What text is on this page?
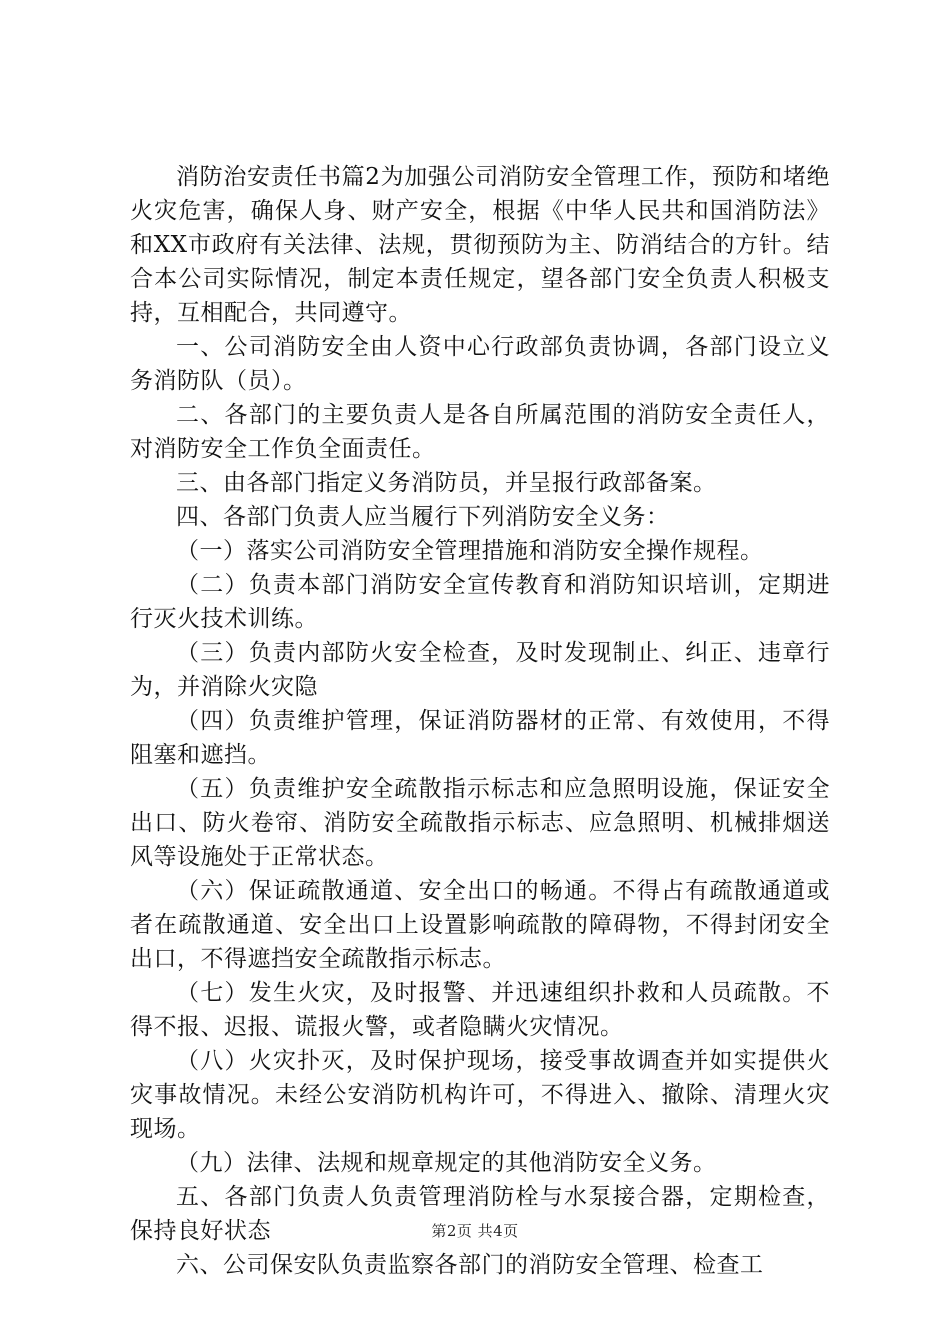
消防治安责任书篇2为加强公司消防安全管理工作，预防和堵绝火灾危害，确保人身、财产安全，根据《中华人民共和国消防法》和XX市政府有关法律、法规，贯彻预防为主、防消结合的方针。结合本公司实际情况，制定本责任规定，望各部门安全负责人积极支持，互相配合，共同遵守。

一、公司消防安全由人资中心行政部负责协调，各部门设立义务消防队（员）。

二、各部门的主要负责人是各自所属范围的消防安全责任人，对消防安全工作负全面责任。

三、由各部门指定义务消防员，并呈报行政部备案。

四、各部门负责人应当履行下列消防安全义务：

（一）落实公司消防安全管理措施和消防安全操作规程。

（二）负责本部门消防安全宣传教育和消防知识培训，定期进行灭火技术训练。

（三）负责内部防火安全检查，及时发现制止、纠正、违章行为，并消除火灾隐

（四）负责维护管理，保证消防器材的正常、有效使用，不得阻塞和遮挡。

（五）负责维护安全疏散指示标志和应急照明设施，保证安全出口、防火卷帘、消防安全疏散指示标志、应急照明、机械排烟送风等设施处于正常状态。

（六）保证疏散通道、安全出口的畅通。不得占有疏散通道或者在疏散通道、安全出口上设置影响疏散的障碍物，不得封闭安全出口，不得遮挡安全疏散指示标志。

（七）发生火灾，及时报警、并迅速组织扑救和人员疏散。不得不报、迟报、谎报火警，或者隐瞒火灾情况。

（八）火灾扑灭，及时保护现场，接受事故调查并如实提供火灾事故情况。未经公安消防机构许可，不得进入、撤除、清理火灾现场。

（九）法律、法规和规章规定的其他消防安全义务。

五、各部门负责人负责管理消防栓与水泵接合器，定期检查，保持良好状态

六、公司保安队负责监察各部门的消防安全管理、检查工

第2页 共4页
